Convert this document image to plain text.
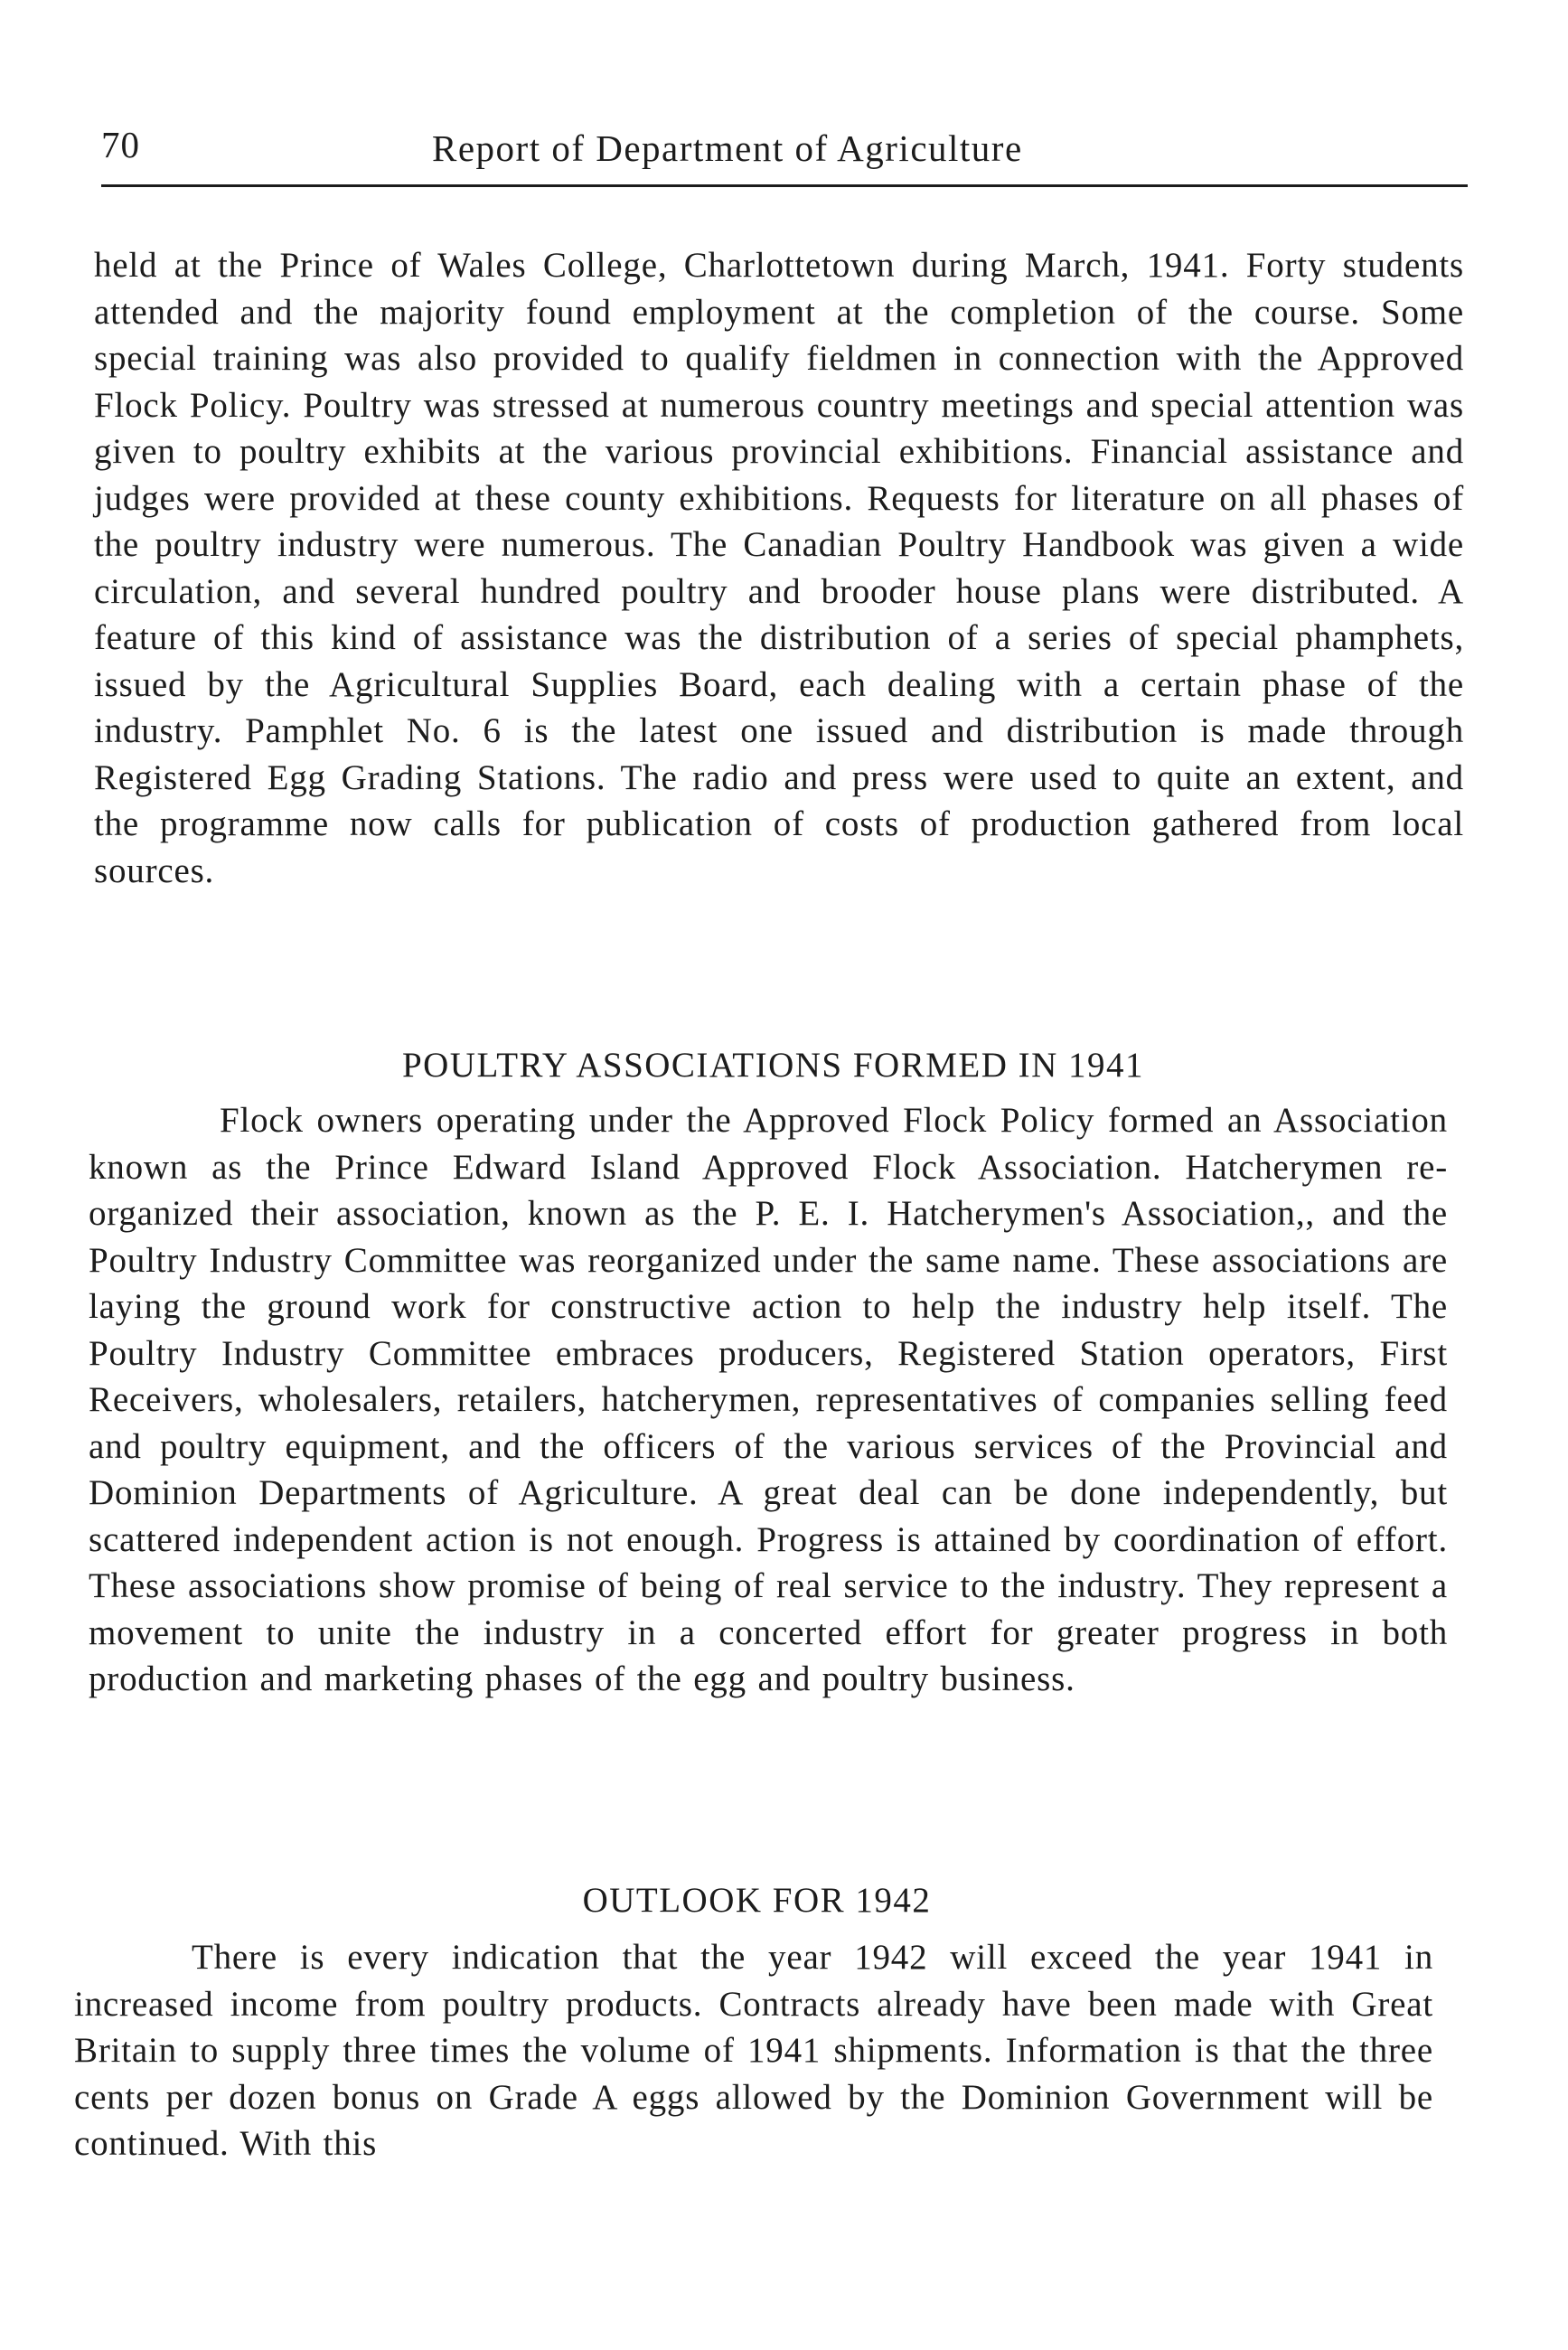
70	Report of Department of Agriculture

held at the Prince of Wales College, Charlottetown during March, 1941. Forty students attended and the majority found employment at the completion of the course. Some special training was also provided to qualify fieldmen in connection with the Approved Flock Policy. Poultry was stressed at numerous country meetings and special attention was given to poultry exhibits at the various provincial exhibitions. Financial assistance and judges were provided at these county exhibitions. Requests for literature on all phases of the poultry industry were numerous. The Canadian Poultry Handbook was given a wide circulation, and several hundred poultry and brooder house plans were distributed. A feature of this kind of assistance was the distribution of a series of special phamphets, issued by the Agricultural Supplies Board, each dealing with a certain phase of the industry. Pamphlet No. 6 is the latest one issued and distribution is made through Registered Egg Grading Stations. The radio and press were used to quite an extent, and the programme now calls for publication of costs of production gathered from local sources.

POULTRY ASSOCIATIONS FORMED IN 1941

Flock owners operating under the Approved Flock Policy formed an Association known as the Prince Edward Island Approved Flock Association. Hatcherymen re-organized their association, known as the P. E. I. Hatcherymen's Association,, and the Poultry Industry Committee was reorganized under the same name. These associations are laying the ground work for constructive action to help the industry help itself. The Poultry Industry Committee embraces producers, Registered Station operators, First Receivers, wholesalers, retailers, hatcherymen, representatives of companies selling feed and poultry equipment, and the officers of the various services of the Provincial and Dominion Departments of Agriculture. A great deal can be done independently, but scattered independent action is not enough. Progress is attained by coordination of effort. These associations show promise of being of real service to the industry. They represent a movement to unite the industry in a concerted effort for greater progress in both production and marketing phases of the egg and poultry business.

OUTLOOK FOR 1942

There is every indication that the year 1942 will exceed the year 1941 in increased income from poultry products. Contracts already have been made with Great Britain to supply three times the volume of 1941 shipments. Information is that the three cents per dozen bonus on Grade A eggs allowed by the Dominion Government will be continued. With this
